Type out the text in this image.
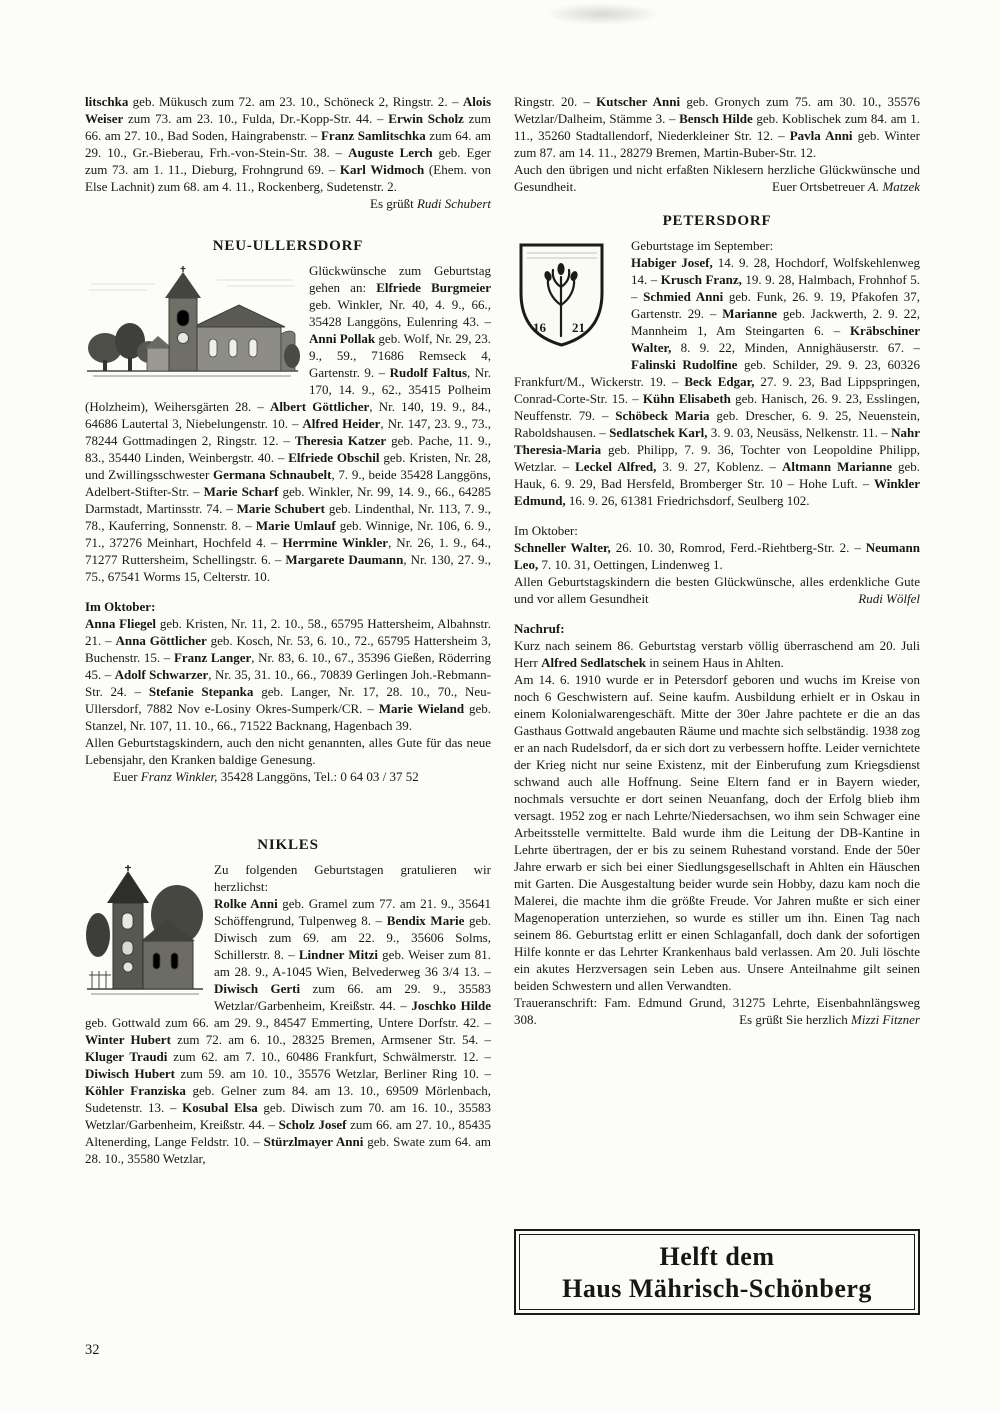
litschka geb. Mükusch zum 72. am 23. 10., Schöneck 2, Ringstr. 2. – Alois Weiser zum 73. am 23. 10., Fulda, Dr.-Kopp-Str. 44. – Erwin Scholz zum 66. am 27. 10., Bad Soden, Haingrabenstr. – Franz Samlitschka zum 64. am 29. 10., Gr.-Bieberau, Frh.-von-Stein-Str. 38. – Auguste Lerch geb. Eger zum 73. am 1. 11., Dieburg, Frohngrund 69. – Karl Widmoch (Ehem. von Else Lachnit) zum 68. am 4. 11., Rockenberg, Sudetenstr. 2.

Es grüßt Rudi Schubert

NEU-ULLERSDORF

Glückwünsche zum Geburtstag gehen an: Elfriede Burgmeier geb. Winkler, Nr. 40, 4. 9., 66., 35428 Langgöns, Eulenring 43. – Anni Pollak geb. Wolf, Nr. 29, 23. 9., 59., 71686 Remseck 4, Gartenstr. 9. – Rudolf Faltus, Nr. 170, 14. 9., 62., 35415 Polheim (Holzheim), Weihersgärten 28. – Albert Göttlicher, Nr. 140, 19. 9., 84., 64686 Lautertal 3, Niebelungenstr. 10. – Alfred Heider, Nr. 147, 23. 9., 73., 78244 Gottmadingen 2, Ringstr. 12. – Theresia Katzer geb. Pache, 11. 9., 83., 35440 Linden, Weinbergstr. 40. – Elfriede Obschil geb. Kristen, Nr. 28, und Zwillingsschwester Germana Schnaubelt, 7. 9., beide 35428 Langgöns, Adelbert-Stifter-Str. – Marie Scharf geb. Winkler, Nr. 99, 14. 9., 66., 64285 Darmstadt, Martinsstr. 74. – Marie Schubert geb. Lindenthal, Nr. 113, 7. 9., 78., Kauferring, Sonnenstr. 8. – Marie Umlauf geb. Winnige, Nr. 106, 6. 9., 71., 37276 Meinhart, Hochfeld 4. – Herrmine Winkler, Nr. 26, 1. 9., 64., 71277 Ruttersheim, Schellingstr. 6. – Margarete Daumann, Nr. 130, 27. 9., 75., 67541 Worms 15, Celterstr. 10.

Im Oktober:

Anna Fliegel geb. Kristen, Nr. 11, 2. 10., 58., 65795 Hattersheim, Albahnstr. 21. – Anna Göttlicher geb. Kosch, Nr. 53, 6. 10., 72., 65795 Hattersheim 3, Buchenstr. 15. – Franz Langer, Nr. 83, 6. 10., 67., 35396 Gießen, Röderring 45. – Adolf Schwarzer, Nr. 35, 31. 10., 66., 70839 Gerlingen Joh.-Rebmann-Str. 24. – Stefanie Stepanka geb. Langer, Nr. 17, 28. 10., 70., Neu-Ullersdorf, 7882 Nov e-Losiny Okres-Sumperk/CR. – Marie Wieland geb. Stanzel, Nr. 107, 11. 10., 66., 71522 Backnang, Hagenbach 39.

Allen Geburtstagskindern, auch den nicht genannten, alles Gute für das neue Lebensjahr, den Kranken baldige Genesung.

Euer Franz Winkler, 35428 Langgöns, Tel.: 0 64 03 / 37 52

NIKLES

Zu folgenden Geburtstagen gratulieren wir herzlichst:

Rolke Anni geb. Gramel zum 77. am 21. 9., 35641 Schöffengrund, Tulpenweg 8. – Bendix Marie geb. Diwisch zum 69. am 22. 9., 35606 Solms, Schillerstr. 8. – Lindner Mitzi geb. Weiser zum 81. am 28. 9., A-1045 Wien, Belvederweg 36 3/4 13. – Diwisch Gerti zum 66. am 29. 9., 35583 Wetzlar/Garbenheim, Kreißstr. 44. – Joschko Hilde geb. Gottwald zum 66. am 29. 9., 84547 Emmerting, Untere Dorfstr. 42. – Winter Hubert zum 72. am 6. 10., 28325 Bremen, Armsener Str. 54. – Kluger Traudi zum 62. am 7. 10., 60486 Frankfurt, Schwälmerstr. 12. – Diwisch Hubert zum 59. am 10. 10., 35576 Wetzlar, Berliner Ring 10. – Köhler Franziska geb. Gelner zum 84. am 13. 10., 69509 Mörlenbach, Sudetenstr. 13. – Kosubal Elsa geb. Diwisch zum 70. am 16. 10., 35583 Wetzlar/Garbenheim, Kreißstr. 44. – Scholz Josef zum 66. am 27. 10., 85435 Altenerding, Lange Feldstr. 10. – Stürzlmayer Anni geb. Swate zum 64. am 28. 10., 35580 Wetzlar,

Ringstr. 20. – Kutscher Anni geb. Gronych zum 75. am 30. 10., 35576 Wetzlar/Dalheim, Stämme 3. – Bensch Hilde geb. Koblischek zum 84. am 1. 11., 35260 Stadtallendorf, Niederkleiner Str. 12. – Pavla Anni geb. Winter zum 87. am 14. 11., 28279 Bremen, Martin-Buber-Str. 12.

Auch den übrigen und nicht erfaßten Niklesern herzliche Glückwünsche und Gesundheit.	Euer Ortsbetreuer A. Matzek

PETERSDORF
16 21

Geburtstage im September:

Habiger Josef, 14. 9. 28, Hochdorf, Wolfskehlenweg 14. – Krusch Franz, 19. 9. 28, Halmbach, Frohnhof 5. – Schmied Anni geb. Funk, 26. 9. 19, Pfakofen 37, Gartenstr. 29. – Marianne geb. Jackwerth, 2. 9. 22, Mannheim 1, Am Steingarten 6. – Kräbschiner Walter, 8. 9. 22, Minden, Annighäuserstr. 67. – Falinski Rudolfine geb. Schilder, 29. 9. 23, 60326 Frankfurt/M., Wickerstr. 19. – Beck Edgar, 27. 9. 23, Bad Lippspringen, Conrad-Corte-Str. 15. – Kühn Elisabeth geb. Hanisch, 26. 9. 23, Esslingen, Neuffenstr. 79. – Schöbeck Maria geb. Drescher, 6. 9. 25, Neuenstein, Raboldshausen. – Sedlatschek Karl, 3. 9. 03, Neusäss, Nelkenstr. 11. – Nahr Theresia-Maria geb. Philipp, 7. 9. 36, Tochter von Leopoldine Philipp, Wetzlar. – Leckel Alfred, 3. 9. 27, Koblenz. – Altmann Marianne geb. Hauk, 6. 9. 29, Bad Hersfeld, Bromberger Str. 10 – Hohe Luft. – Winkler Edmund, 16. 9. 26, 61381 Friedrichsdorf, Seulberg 102.

Im Oktober:

Schneller Walter, 26. 10. 30, Romrod, Ferd.-Riehtberg-Str. 2. – Neumann Leo, 7. 10. 31, Oettingen, Lindenweg 1.

Allen Geburtstagskindern die besten Glückwünsche, alles erdenkliche Gute und vor allem Gesundheit	Rudi Wölfel

Nachruf:

Kurz nach seinem 86. Geburtstag verstarb völlig überraschend am 20. Juli Herr Alfred Sedlatschek in seinem Haus in Ahlten.

Am 14. 6. 1910 wurde er in Petersdorf geboren und wuchs im Kreise von noch 6 Geschwistern auf. Seine kaufm. Ausbildung erhielt er in Oskau in einem Kolonialwarengeschäft. Mitte der 30er Jahre pachtete er die an das Gasthaus Gottwald angebauten Räume und machte sich selbständig. 1938 zog er an nach Rudelsdorf, da er sich dort zu verbessern hoffte. Leider vernichtete der Krieg nicht nur seine Existenz, mit der Einberufung zum Kriegsdienst schwand auch alle Hoffnung. Seine Eltern fand er in Bayern wieder, nochmals versuchte er dort seinen Neuanfang, doch der Erfolg blieb ihm versagt. 1952 zog er nach Lehrte/Niedersachsen, wo ihm sein Schwager eine Arbeitsstelle vermittelte. Bald wurde ihm die Leitung der DB-Kantine in Lehrte übertragen, der er bis zu seinem Ruhestand vorstand. Ende der 50er Jahre erwarb er sich bei einer Siedlungsgesellschaft in Ahlten ein Häuschen mit Garten. Die Ausgestaltung beider wurde sein Hobby, dazu kam noch die Malerei, die machte ihm die größte Freude. Vor Jahren mußte er sich einer Magenoperation unterziehen, so wurde es stiller um ihn. Einen Tag nach seinem 86. Geburtstag erlitt er einen Schlaganfall, doch dank der sofortigen Hilfe konnte er das Lehrter Krankenhaus bald verlassen. Am 20. Juli löschte ein akutes Herzversagen sein Leben aus. Unsere Anteilnahme gilt seinen beiden Schwestern und allen Verwandten.

Traueranschrift: Fam. Edmund Grund, 31275 Lehrte, Eisenbahnlängsweg 308.	Es grüßt Sie herzlich Mizzi Fitzner

Helft dem
Haus Mährisch-Schönberg
32
